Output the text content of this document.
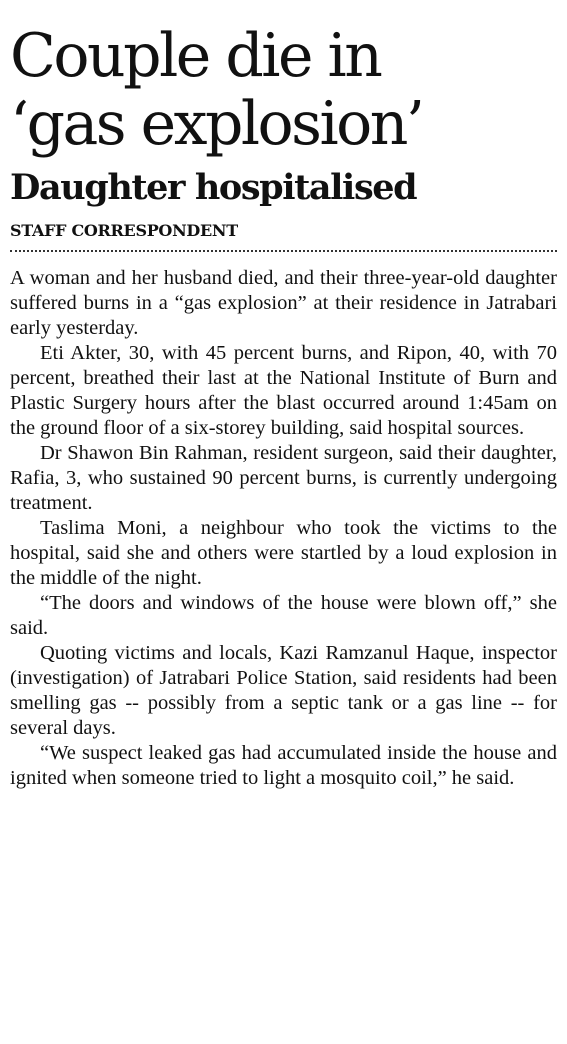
Couple die in
‘gas explosion’
Daughter hospitalised
STAFF CORRESPONDENT

A woman and her husband died, and their three-year-old daughter suffered burns in a “gas explosion” at their residence in Jatrabari early yesterday.

Eti Akter, 30, with 45 percent burns, and Ripon, 40, with 70 percent, breathed their last at the National Institute of Burn and Plastic Surgery hours after the blast occurred around 1:45am on the ground floor of a six-storey building, said hospital sources.

Dr Shawon Bin Rahman, resident surgeon, said their daughter, Rafia, 3, who sustained 90 percent burns, is currently undergoing treatment.

Taslima Moni, a neighbour who took the victims to the hospital, said she and others were startled by a loud explosion in the middle of the night.

“The doors and windows of the house were blown off,” she said.

Quoting victims and locals, Kazi Ramzanul Haque, inspector (investigation) of Jatrabari Police Station, said residents had been smelling gas -- possibly from a septic tank or a gas line -- for several days.

“We suspect leaked gas had accumulated inside the house and ignited when someone tried to light a mosquito coil,” he said.
